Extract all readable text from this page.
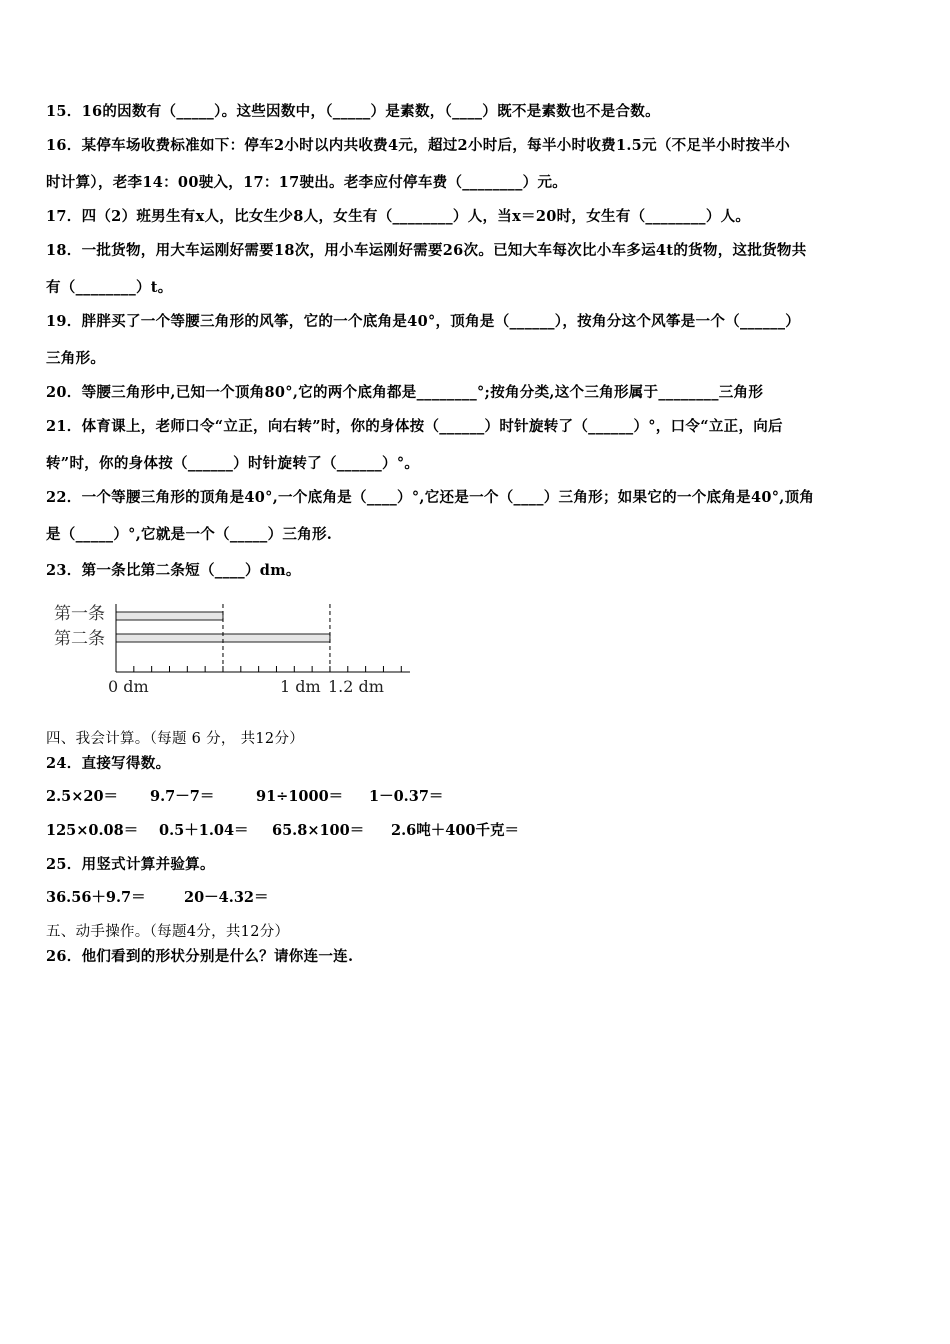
15．16的因数有（_____）。这些因数中，（_____）是素数，（____）既不是素数也不是合数。
16．某停车场收费标准如下：停车2小时以内共收费4元，超过2小时后，每半小时收费1.5元（不足半小时按半小
时计算），老李14：00驶入，17：17驶出。老李应付停车费（________）元。
17．四（2）班男生有x人，比女生少8人，女生有（________）人，当x＝20时，女生有（________）人。
18．一批货物，用大车运刚好需要18次，用小车运刚好需要26次。已知大车每次比小车多运4t的货物，这批货物共
有（________）t。
19．胖胖买了一个等腰三角形的风筝，它的一个底角是40°，顶角是（______），按角分这个风筝是一个（______）
三角形。
20．等腰三角形中,已知一个顶角80°,它的两个底角都是________°;按角分类,这个三角形属于________三角形
21．体育课上，老师口令“立正，向右转”时，你的身体按（______）时针旋转了（______）°，口令“立正，向后
转”时，你的身体按（______）时针旋转了（______）°。
22．一个等腰三角形的顶角是40°,一个底角是（____）°,它还是一个（____）三角形；如果它的一个底角是40°,顶角
是（_____）°,它就是一个（_____）三角形.
23．第一条比第二条短（____）dm。
第一条
第二条
0 dm	1 dm 1.2 dm
四、我会计算。（每题 6 分， 共12分）
24．直接写得数。
2.5×20＝ 9.7－7＝	91÷1000＝ 1－0.37＝
125×0.08＝ 0.5＋1.04＝ 65.8×100＝ 2.6吨＋400千克＝
25．用竖式计算并验算。
36.56＋9.7＝	20－4.32＝
五、动手操作。（每题4分，共12分）
26．他们看到的形状分别是什么？请你连一连.
